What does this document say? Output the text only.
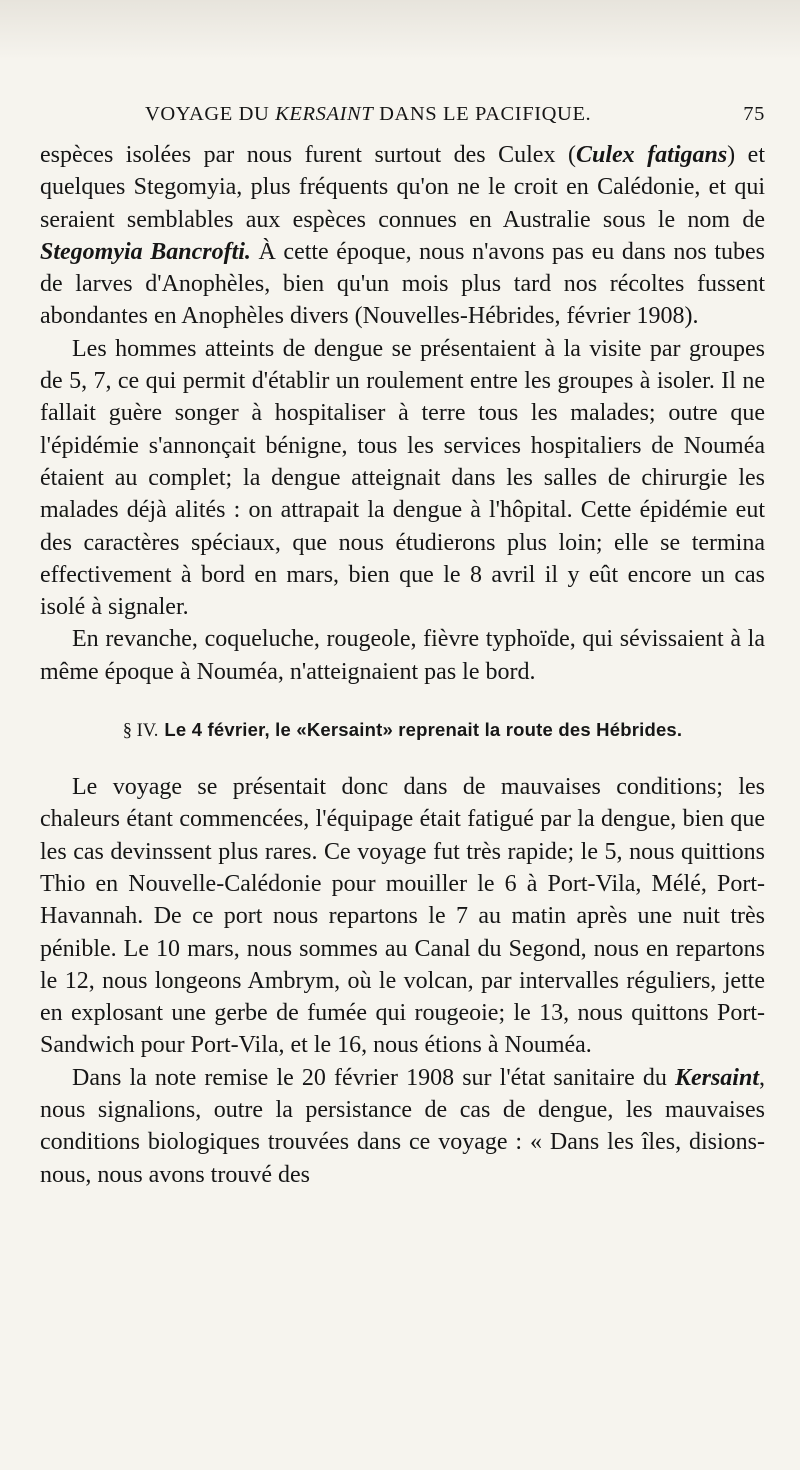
VOYAGE DU KERSAINT DANS LE PACIFIQUE.	75

espèces isolées par nous furent surtout des Culex (Culex fatigans) et quelques Stegomyia, plus fréquents qu'on ne le croit en Calédonie, et qui seraient semblables aux espèces connues en Australie sous le nom de Stegomyia Bancrofti. À cette époque, nous n'avons pas eu dans nos tubes de larves d'Anophèles, bien qu'un mois plus tard nos récoltes fussent abondantes en Anophèles divers (Nouvelles-Hébrides, février 1908).

Les hommes atteints de dengue se présentaient à la visite par groupes de 5, 7, ce qui permit d'établir un roulement entre les groupes à isoler. Il ne fallait guère songer à hospitaliser à terre tous les malades; outre que l'épidémie s'annonçait bénigne, tous les services hospitaliers de Nouméa étaient au complet; la dengue atteignait dans les salles de chirurgie les malades déjà alités : on attrapait la dengue à l'hôpital. Cette épidémie eut des caractères spéciaux, que nous étudierons plus loin; elle se termina effectivement à bord en mars, bien que le 8 avril il y eût encore un cas isolé à signaler.

En revanche, coqueluche, rougeole, fièvre typhoïde, qui sévissaient à la même époque à Nouméa, n'atteignaient pas le bord.

§ IV. Le 4 février, le «Kersaint» reprenait la route des Hébrides.

Le voyage se présentait donc dans de mauvaises conditions; les chaleurs étant commencées, l'équipage était fatigué par la dengue, bien que les cas devinssent plus rares. Ce voyage fut très rapide; le 5, nous quittions Thio en Nouvelle-Calédonie pour mouiller le 6 à Port-Vila, Mélé, Port-Havannah. De ce port nous repartons le 7 au matin après une nuit très pénible. Le 10 mars, nous sommes au Canal du Segond, nous en repartons le 12, nous longeons Ambrym, où le volcan, par intervalles réguliers, jette en explosant une gerbe de fumée qui rougeoie; le 13, nous quittons Port-Sandwich pour Port-Vila, et le 16, nous étions à Nouméa.

Dans la note remise le 20 février 1908 sur l'état sanitaire du Kersaint, nous signalions, outre la persistance de cas de dengue, les mauvaises conditions biologiques trouvées dans ce voyage : « Dans les îles, disions-nous, nous avons trouvé des
